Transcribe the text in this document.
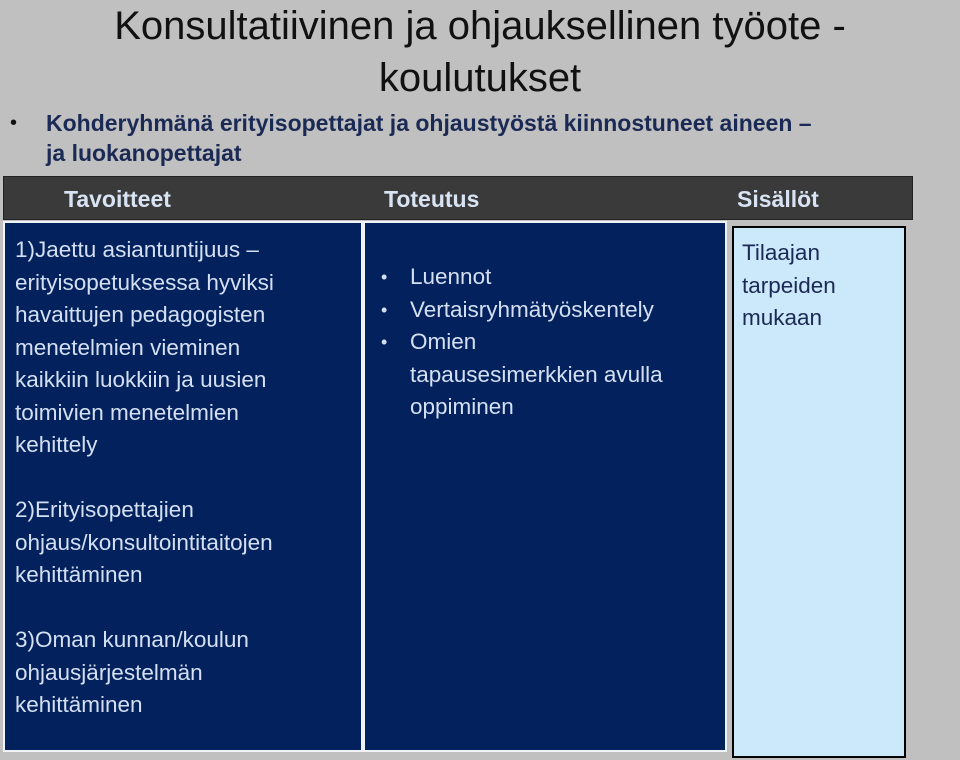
Konsultatiivinen ja ohjauksellinen työote -
koulutukset
• Kohderyhmänä erityisopettajat ja ohjaustyöstä kiinnostuneet aineen –
ja luokanopettajat
Tavoitteet	Toteutus	Sisällöt

1)Jaettu asiantuntijuus –
erityisopetuksessa hyviksi
havaittujen pedagogisten
menetelmien vieminen
kaikkiin luokkiin ja uusien
toimivien menetelmien
kehittely

2)Erityisopettajien
ohjaus/konsultointitaitojen
kehittäminen

3)Oman kunnan/koulun
ohjausjärjestelmän
kehittäminen

• Luennot
• Vertaisryhmätyöskentely
• Omien
tapausesimerkkien avulla
oppiminen
Tilaajan
tarpeiden
mukaan
